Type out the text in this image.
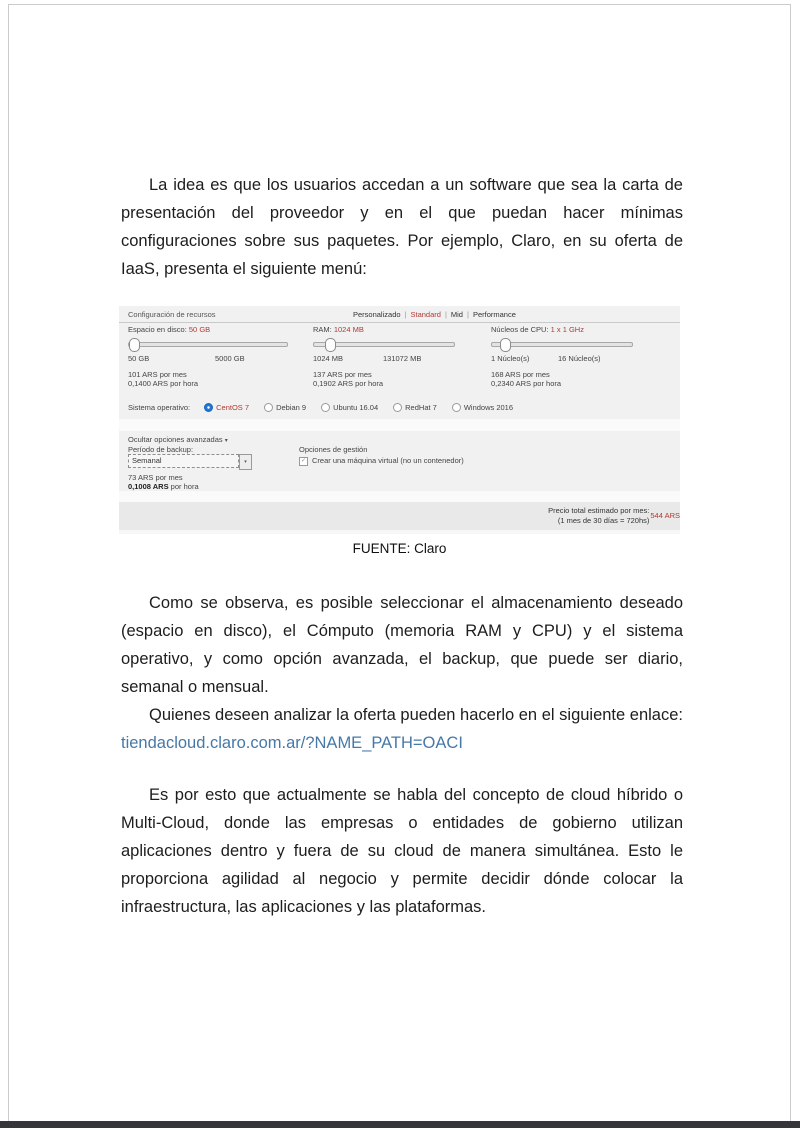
La idea es que los usuarios accedan a un software que sea la carta de presentación del proveedor y en el que puedan hacer mínimas configuraciones sobre sus paquetes. Por ejemplo, Claro, en su oferta de IaaS, presenta el siguiente menú:

Configuración de recursos	Personalizado | Standard | Mid | Performance
Espacio en disco: 50 GB
50 GB	5000 GB
101 ARS por mes
0,1400 ARS por hora
RAM: 1024 MB
1024 MB	131072 MB
137 ARS por mes
0,1902 ARS por hora
Núcleos de CPU: 1 x 1 GHz
1 Núcleo(s)	16 Núcleo(s)
168 ARS por mes
0,2340 ARS por hora
Sistema operativo:	CentOS 7	Debian 9	Ubuntu 16.04	RedHat 7	Windows 2016
Ocultar opciones avanzadas ▾
Período de backup:
Semanal	▾
Opciones de gestión
✓ Crear una máquina virtual (no un contenedor)
73 ARS por mes
0,1008 ARS por hora
Precio total estimado por mes:
(1 mes de 30 días = 720hs)
544 ARS
FUENTE: Claro

Como se observa, es posible seleccionar el almacenamiento deseado (espacio en disco), el Cómputo (memoria RAM y CPU) y el sistema operativo, y como opción avanzada, el backup, que puede ser diario, semanal o mensual.

Quienes deseen analizar la oferta pueden hacerlo en el siguiente enlace: tiendacloud.claro.com.ar/?NAME_PATH=OACI

Es por esto que actualmente se habla del concepto de cloud híbrido o Multi-Cloud, donde las empresas o entidades de gobierno utilizan aplicaciones dentro y fuera de su cloud de manera simultánea. Esto le proporciona agilidad al negocio y permite decidir dónde colocar la infraestructura, las aplicaciones y las plataformas.
